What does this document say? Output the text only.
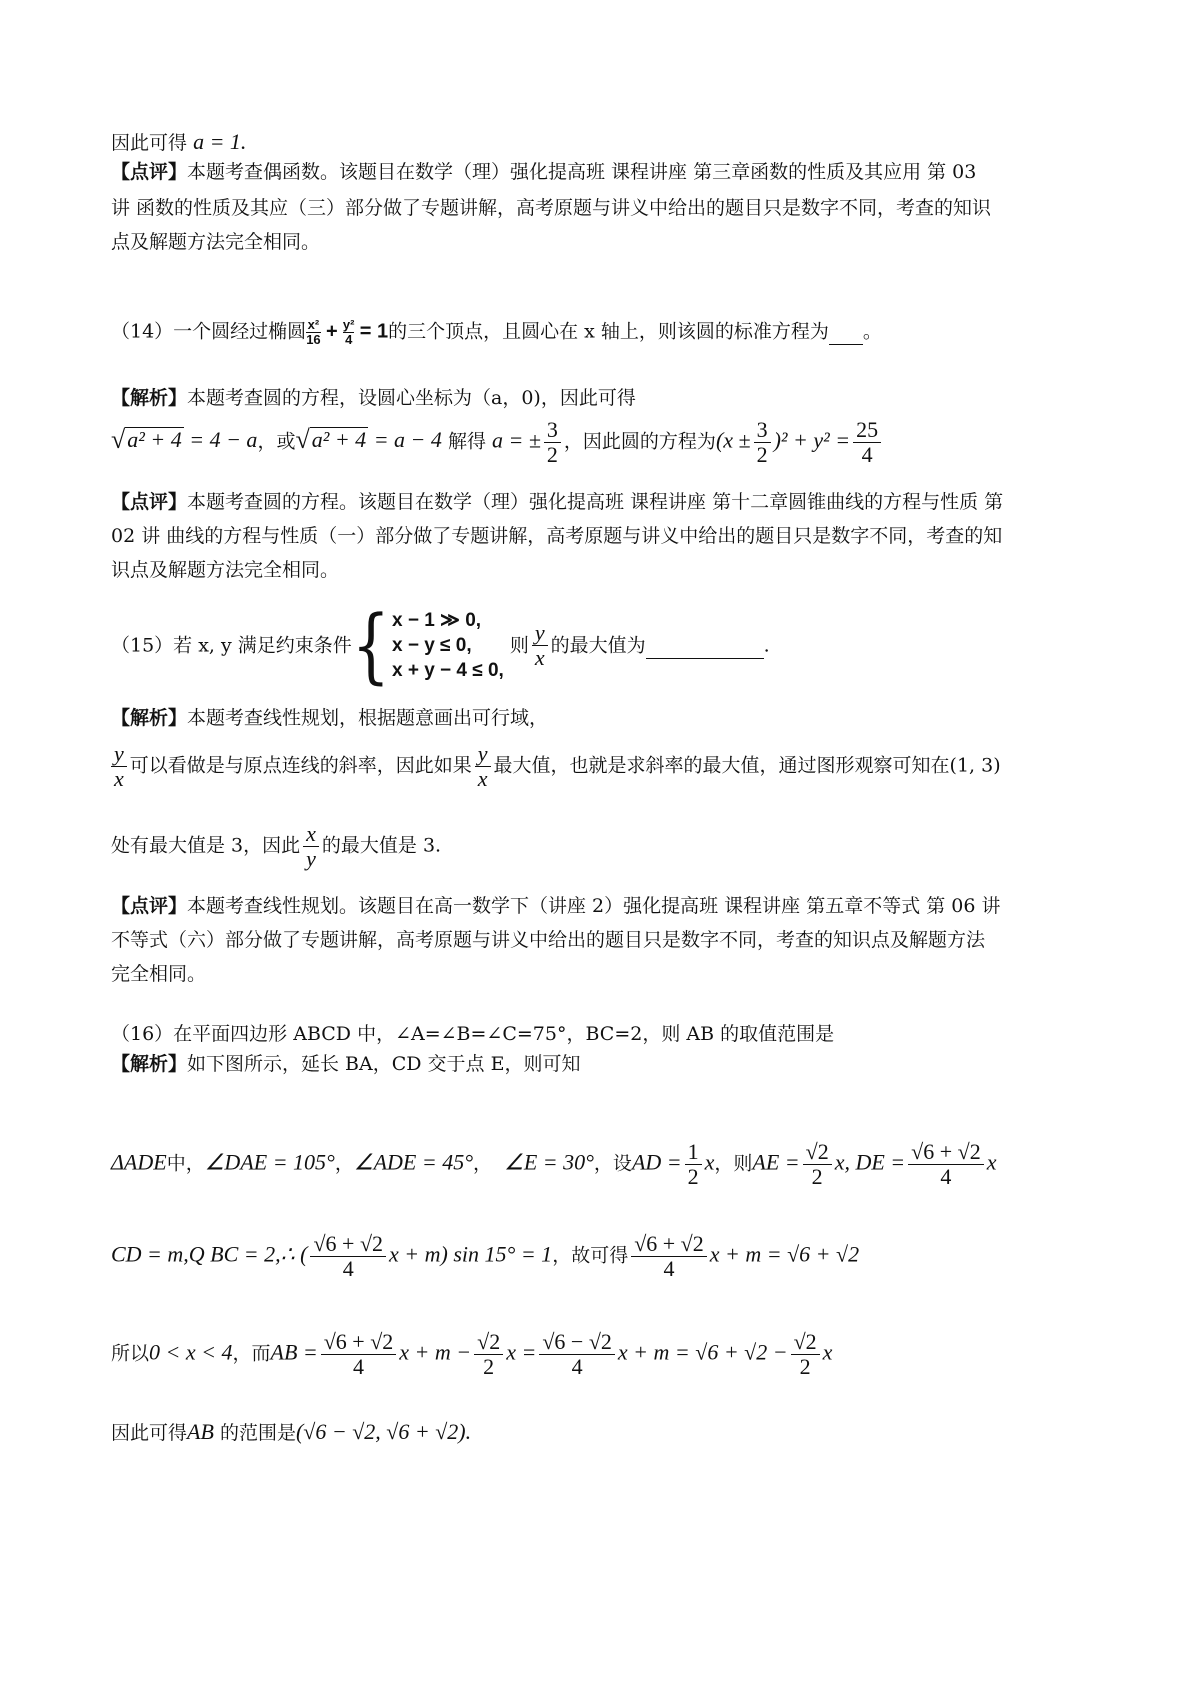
因此可得 a = 1.
【点评】本题考查偶函数。该题目在数学（理）强化提高班 课程讲座 第三章函数的性质及其应用 第 03
讲 函数的性质及其应（三）部分做了专题讲解，高考原题与讲义中给出的题目只是数字不同，考查的知识
点及解题方法完全相同。
（14）一个圆经过椭圆 $\frac{\text{x²}}{16} + \frac{\text{y²}}{4} = 1$的三个顶点，且圆心在 x 轴上，则该圆的标准方程为 。
【解析】本题考查圆的方程，设圆心坐标为（a，0)，因此可得
√ a² + 4
= 4 − a ，或 √ a² + 4
= a − 4 解得 a = ± $\frac{3}{2}$ ，因此圆的方程为$(x \pm \frac{3}{2} )^2 + y^2 = \frac{25}{4}$
【点评】本题考查圆的方程。该题目在数学（理）强化提高班 课程讲座 第十二章圆锥曲线的方程与性质 第
02 讲 曲线的方程与性质（一）部分做了专题讲解，高考原题与讲义中给出的题目只是数字不同，考查的知
识点及解题方法完全相同。
（15）若 x, y 满足约束条件{ x − 1 ≫ 0,
x − y ≤ 0,
x + y − 4 ≤ 0,
则 $\frac{y}{x}$ 的最大值为	.
【解析】本题考查线性规划，根据题意画出可行域，
$\frac{y}{x}$ 可以看做是与原点连线的斜率，因此如果 $\frac{y}{x}$ 最大值，也就是求斜率的最大值，通过图形观察可知在(1, 3)
处有最大值是 3，因此 $\frac{x}{y}$ 的最大值是 3.
【点评】本题考查线性规划。该题目在高一数学下（讲座 2）强化提高班 课程讲座 第五章不等式 第 06 讲
不等式（六）部分做了专题讲解，高考原题与讲义中给出的题目只是数字不同，考查的知识点及解题方法
完全相同。
（16）在平面四边形 ABCD 中，∠A=∠B=∠C=75°，BC=2，则 AB 的取值范围是
【解析】如下图所示，延长 BA，CD 交于点 E，则可知
ΔADE中，∠DAE = 105°，∠ADE = 45°， ∠E = 30°，设AD = $\frac{1}{2}$ x，则AE = $\frac{√2}{2} x$, DE = $\frac{√6 + √2}{4}$ x
CD = m,Q BC = 2,∴ ( $\frac{√6 + √2}{4}$ x + m) sin 15° = 1，故可得 $\frac{√6 + √2}{4}$ x + m = √6 + √2
所以0 < x < 4，而AB = $\frac{√6 + √2}{4}$ $x + m - \frac{√2}{2}$ $x = \frac{√6 - √2}{4}$ $x + m = √6 + √2 - \frac{√2}{2}$ x
因此可得AB 的范围是(√6 − √2, √6 + √2).
